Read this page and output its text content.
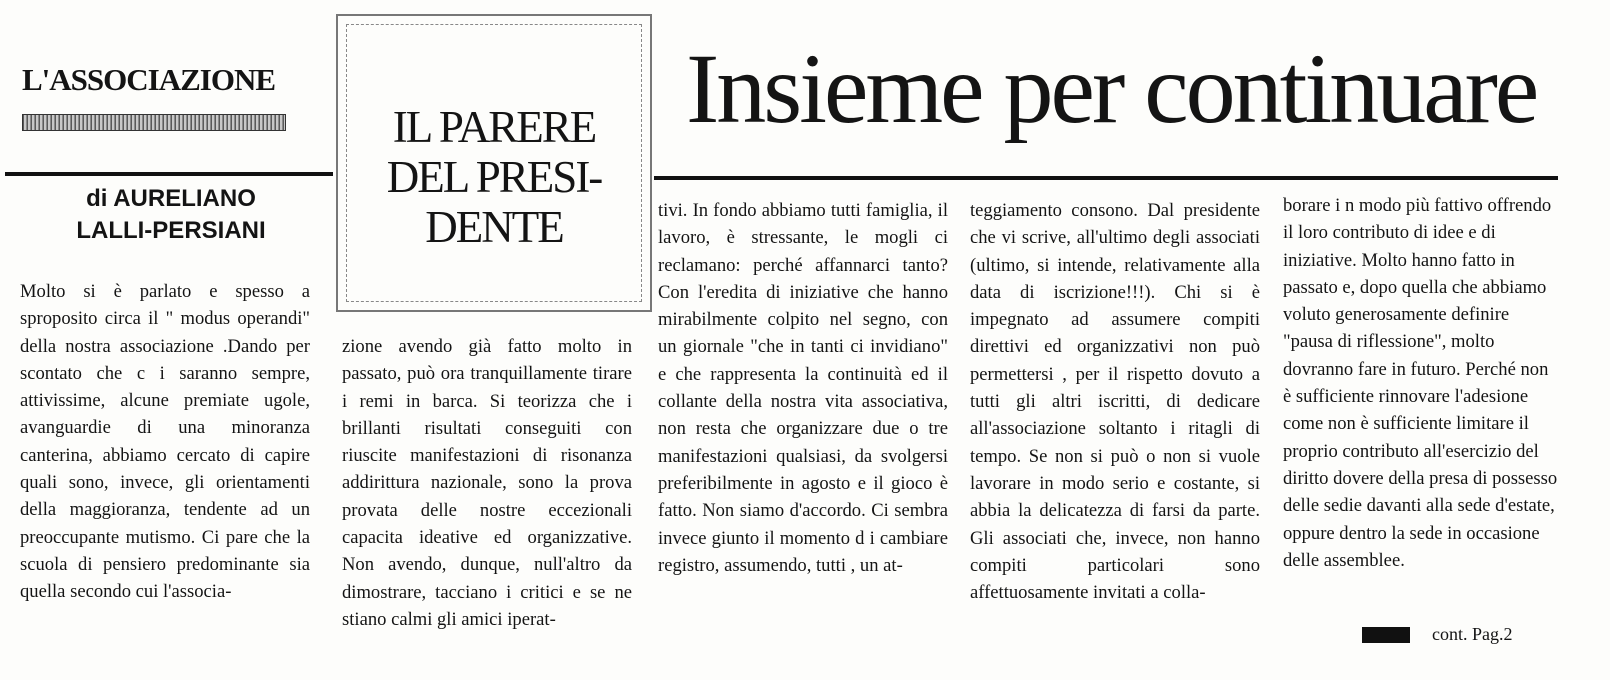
L'ASSOCIAZIONE
di AURELIANO
LALLI-PERSIANI
IL PARERE
DEL PRESI-
DENTE
Insieme per continuare

Molto si è parlato e spesso a sproposito circa il " modus operandi" della nostra associazione .Dando per scontato che c i saranno sempre, attivissime, alcune premiate ugole, avanguardie di una minoranza canterina, abbiamo cercato di capire quali sono, invece, gli orientamenti della maggioranza, tendente ad un preoccupante mutismo. Ci pare che la scuola di pensiero predominante sia quella secondo cui l'associa-

zione avendo già fatto molto in passato, può ora tranquillamente tirare i remi in barca. Si teorizza che i brillanti risultati conseguiti con riuscite manifestazioni di risonanza addirittura nazionale, sono la prova provata delle nostre eccezionali capacita ideative ed organizzative. Non avendo, dunque, null'altro da dimostrare, tacciano i critici e se ne stiano calmi gli amici iperat-

tivi. In fondo abbiamo tutti famiglia, il lavoro, è stressante, le mogli ci reclamano: perché affannarci tanto? Con l'eredita di iniziative che hanno mirabilmente colpito nel segno, con un giornale "che in tanti ci invidiano" e che rappresenta la continuità ed il collante della nostra vita associativa, non resta che organizzare due o tre manifestazioni qualsiasi, da svolgersi preferibilmente in agosto e il gioco è fatto. Non siamo d'accordo. Ci sembra invece giunto il momento d i cambiare registro, assumendo, tutti , un at-

teggiamento consono. Dal presidente che vi scrive, all'ultimo degli associati (ultimo, si intende, relativamente alla data di iscrizione!!!). Chi si è impegnato ad assumere compiti direttivi ed organizzativi non può permettersi , per il rispetto dovuto a tutti gli altri iscritti, di dedicare all'associazione soltanto i ritagli di tempo. Se non si può o non si vuole lavorare in modo serio e costante, si abbia la delicatezza di farsi da parte. Gli associati che, invece, non hanno compiti particolari sono affettuosamente invitati a colla-

borare i n modo più fattivo offrendo il loro contributo di idee e di iniziative. Molto hanno fatto in passato e, dopo quella che abbiamo voluto generosamente definire "pausa di riflessione", molto dovranno fare in futuro. Perché non è sufficiente rinnovare l'adesione come non è sufficiente limitare il proprio contributo all'esercizio del diritto dovere della presa di possesso delle sedie davanti alla sede d'estate, oppure dentro la sede in occasione delle assemblee.

cont. Pag.2
